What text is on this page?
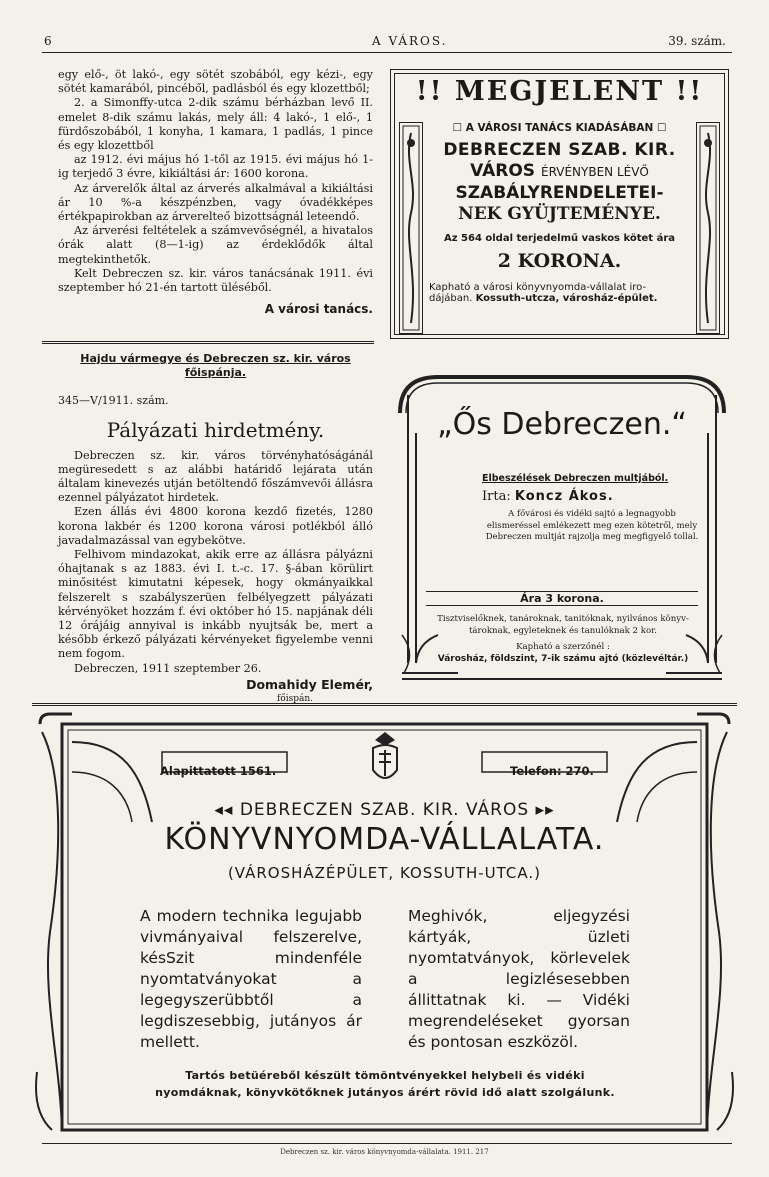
6	A VÁROS.	39. szám.

egy elő-, öt lakó-, egy sötét szobából, egy kézi-, egy sötét kamarából, pincéből, padlásból és egy klozettből;

2. a Simonffy-utca 2-dik számu bérházban levő II. emelet 8-dik számu lakás, mely áll: 4 lakó-, 1 elő-, 1 fürdőszobából, 1 konyha, 1 kamara, 1 padlás, 1 pince és egy klozettből

az 1912. évi május hó 1-től az 1915. évi május hó 1-ig terjedő 3 évre, kikiáltási ár: 1600 korona.

Az árverelők által az árverés alkalmával a kikiáltási ár 10 %-a készpénzben, vagy óvadékképes értékpapirokban az árverelteő bizottságnál leteendő.

Az árverési feltételek a számvevőségnél, a hivatalos órák alatt (8—1-ig) az érdeklődők által megtekinthetők.

Kelt Debreczen sz. kir. város tanácsának 1911. évi szeptember hó 21-én tartott üléséből.

A városi tanács.

Hajdu vármegye és Debreczen sz. kir. város főispánja.

345—V/1911. szám.

Pályázati hirdetmény.

Debreczen sz. kir. város törvényhatóságánál megüresedett s az alábbi határidő lejárata után általam kinevezés utján betöltendő főszámvevői állásra ezennel pályázatot hirdetek.

Ezen állás évi 4800 korona kezdő fizetés, 1280 korona lakbér és 1200 korona városi potlékból álló javadalmazással van egybekötve.

Felhivom mindazokat, akik erre az állásra pályázni óhajtanak s az 1883. évi I. t.-c. 17. §-ában körülirt minősitést kimutatni képesek, hogy okmányaikkal felszerelt s szabályszerüen felbélyegzett pályázati kérvényöket hozzám f. évi október hó 15. napjának déli 12 órájáig annyival is inkább nyujtsák be, mert a később érkező pályázati kérvényeket figyelembe venni nem fogom.

Debreczen, 1911 szeptember 26.

Domahidy Elemér,

főispán.

!! MEGJELENT !!
☐ A VÁROSI TANÁCS KIADÁSÁBAN ☐
DEBRECZEN SZAB. KIR.
VÁROS ÉRVÉNYBEN LÉVŐ
SZABÁLYRENDELETEI-
NEK GYÜJTEMÉNYE.
Az 564 oldal terjedelmű vaskos kötet ára
2 KORONA.
Kapható a városi könyvnyomda-vállalat iro-
dájában. Kossuth-utcza, városház-épület.
„Ős Debreczen.“
Elbeszélések Debreczen multjából.
Irta: Koncz Ákos.
A fővárosi és vidéki sajtó a legnagyobb elismeréssel emlékezett meg ezen kötetről, mely Debreczen multját rajzolja meg megfigyelő tollal.
Ára 3 korona.
Tisztviselőknek, tanároknak, tanitóknak, nyilvános könyv-
tároknak, egyleteknek és tanulóknak 2 kor.
Kapható a szerzőnél :
Városház, földszint, 7-ik számu ajtó (közlevéltár.)
Alapittatott 1561.	Telefon: 270.
◂◂ DEBRECZEN SZAB. KIR. VÁROS ▸▸
KÖNYVNYOMDA-VÁLLALATA.
(VÁROSHÁZÉPÜLET, KOSSUTH-UTCA.)
A modern technika legujabb vivmányaival felszerelve, késSzit mindenféle nyomtatványokat a legegyszerübbtől a legdiszesebbig, jutányos ár mellett.
Meghivók, eljegyzési kártyák, üzleti nyomtatványok, körlevelek a legizlésesebben állittatnak ki. — Vidéki megrendeléseket gyorsan és pontosan eszközöl.
Tartós betüéreből készült tömöntvényekkel helybeli és vidéki nyomdáknak, könyvkötőknek jutányos árért rövid idő alatt szolgálunk.
Debreczen sz. kir. város könyvnyomda-vállalata. 1911. 217
